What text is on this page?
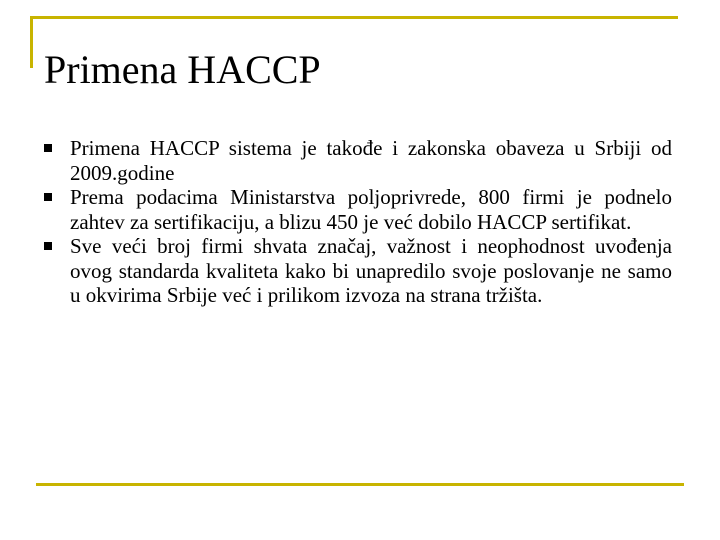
Primena HACCP
Primena HACCP sistema je takođe i zakonska obaveza u Srbiji od 2009.godine
Prema podacima Ministarstva poljoprivrede, 800 firmi je podnelo zahtev za sertifikaciju, a blizu 450 je već dobilo HACCP sertifikat.
Sve veći broj firmi shvata značaj, važnost i neophodnost uvođenja ovog standarda kvaliteta kako bi unapredilo svoje poslovanje ne samo u okvirima Srbije već i prilikom izvoza na strana tržišta.
